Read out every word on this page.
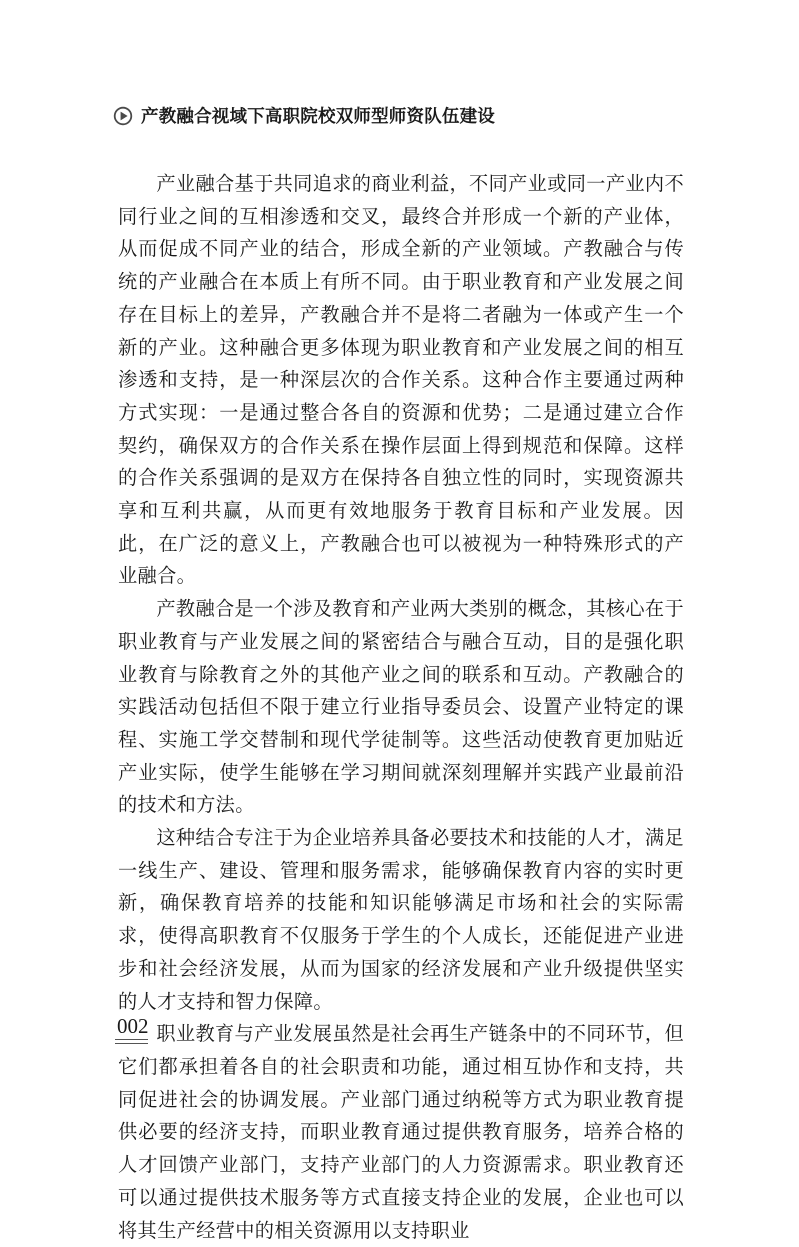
产教融合视域下高职院校双师型师资队伍建设

产业融合基于共同追求的商业利益，不同产业或同一产业内不同行业之间的互相渗透和交叉，最终合并形成一个新的产业体，从而促成不同产业的结合，形成全新的产业领域。产教融合与传统的产业融合在本质上有所不同。由于职业教育和产业发展之间存在目标上的差异，产教融合并不是将二者融为一体或产生一个新的产业。这种融合更多体现为职业教育和产业发展之间的相互渗透和支持，是一种深层次的合作关系。这种合作主要通过两种方式实现：一是通过整合各自的资源和优势；二是通过建立合作契约，确保双方的合作关系在操作层面上得到规范和保障。这样的合作关系强调的是双方在保持各自独立性的同时，实现资源共享和互利共赢，从而更有效地服务于教育目标和产业发展。因此，在广泛的意义上，产教融合也可以被视为一种特殊形式的产业融合。

产教融合是一个涉及教育和产业两大类别的概念，其核心在于职业教育与产业发展之间的紧密结合与融合互动，目的是强化职业教育与除教育之外的其他产业之间的联系和互动。产教融合的实践活动包括但不限于建立行业指导委员会、设置产业特定的课程、实施工学交替制和现代学徒制等。这些活动使教育更加贴近产业实际，使学生能够在学习期间就深刻理解并实践产业最前沿的技术和方法。

这种结合专注于为企业培养具备必要技术和技能的人才，满足一线生产、建设、管理和服务需求，能够确保教育内容的实时更新，确保教育培养的技能和知识能够满足市场和社会的实际需求，使得高职教育不仅服务于学生的个人成长，还能促进产业进步和社会经济发展，从而为国家的经济发展和产业升级提供坚实的人才支持和智力保障。

职业教育与产业发展虽然是社会再生产链条中的不同环节，但它们都承担着各自的社会职责和功能，通过相互协作和支持，共同促进社会的协调发展。产业部门通过纳税等方式为职业教育提供必要的经济支持，而职业教育通过提供教育服务，培养合格的人才回馈产业部门，支持产业部门的人力资源需求。职业教育还可以通过提供技术服务等方式直接支持企业的发展，企业也可以将其生产经营中的相关资源用以支持职业

002
